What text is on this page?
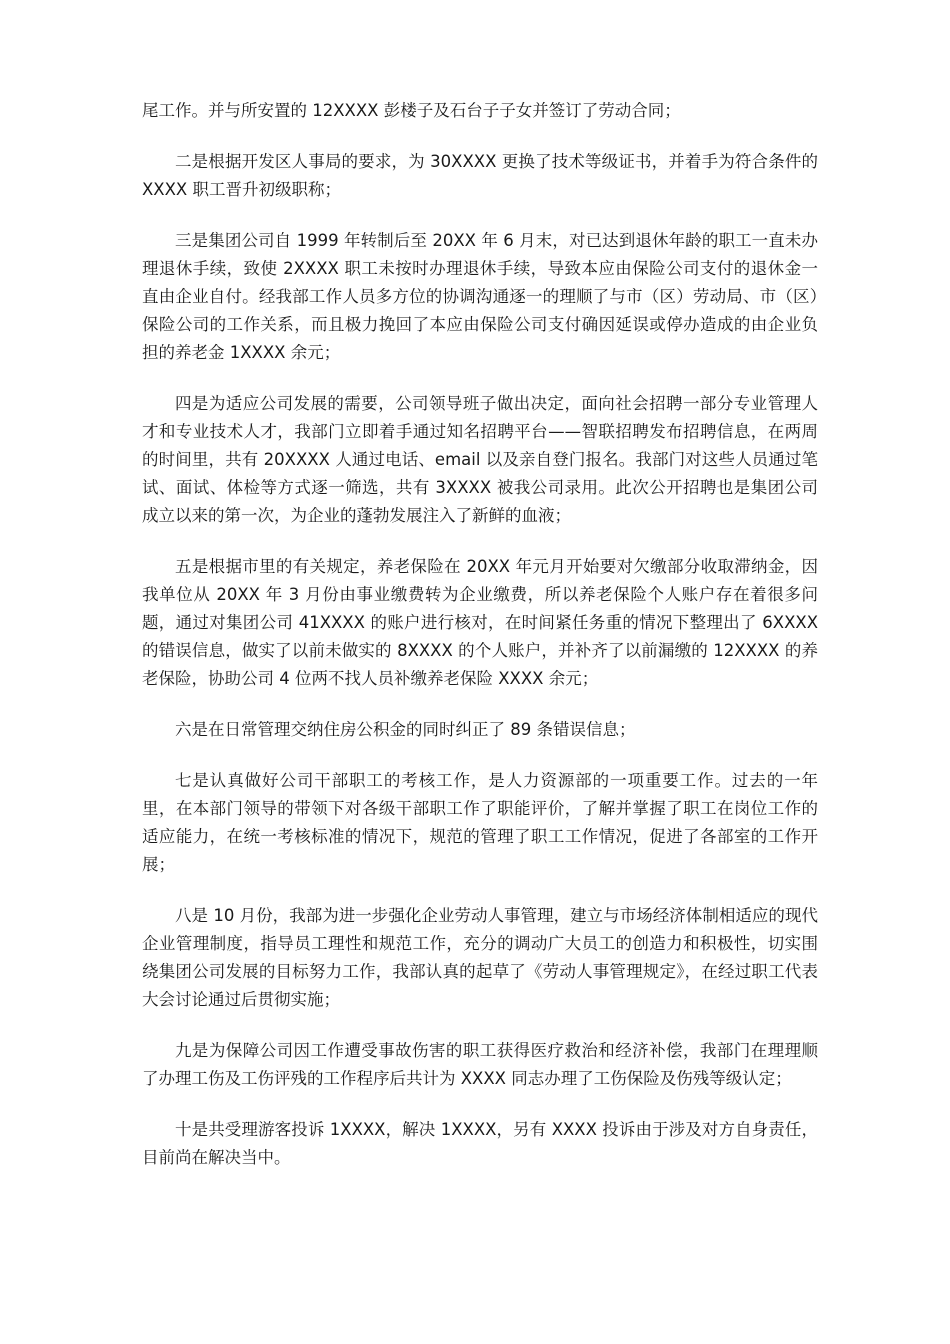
尾工作。并与所安置的 12XXXX 彭楼子及石台子子女并签订了劳动合同；

二是根据开发区人事局的要求，为 30XXXX 更换了技术等级证书，并着手为符合条件的 XXXX 职工晋升初级职称；

三是集团公司自 1999 年转制后至 20XX 年 6 月末，对已达到退休年龄的职工一直未办理退休手续，致使 2XXXX 职工未按时办理退休手续，导致本应由保险公司支付的退休金一直由企业自付。经我部工作人员多方位的协调沟通逐一的理顺了与市（区）劳动局、市（区）保险公司的工作关系，而且极力挽回了本应由保险公司支付确因延误或停办造成的由企业负担的养老金 1XXXX 余元；

四是为适应公司发展的需要，公司领导班子做出决定，面向社会招聘一部分专业管理人才和专业技术人才，我部门立即着手通过知名招聘平台——智联招聘发布招聘信息，在两周的时间里，共有 20XXXX 人通过电话、email 以及亲自登门报名。我部门对这些人员通过笔试、面试、体检等方式逐一筛选，共有 3XXXX 被我公司录用。此次公开招聘也是集团公司成立以来的第一次，为企业的蓬勃发展注入了新鲜的血液；

五是根据市里的有关规定，养老保险在 20XX 年元月开始要对欠缴部分收取滞纳金，因我单位从 20XX 年 3 月份由事业缴费转为企业缴费，所以养老保险个人账户存在着很多问题，通过对集团公司 41XXXX 的账户进行核对，在时间紧任务重的情况下整理出了 6XXXX 的错误信息，做实了以前未做实的 8XXXX 的个人账户，并补齐了以前漏缴的 12XXXX 的养老保险，协助公司 4 位两不找人员补缴养老保险 XXXX 余元；

六是在日常管理交纳住房公积金的同时纠正了 89 条错误信息；

七是认真做好公司干部职工的考核工作，是人力资源部的一项重要工作。过去的一年里，在本部门领导的带领下对各级干部职工作了职能评价，了解并掌握了职工在岗位工作的适应能力，在统一考核标准的情况下，规范的管理了职工工作情况，促进了各部室的工作开展；

八是 10 月份，我部为进一步强化企业劳动人事管理，建立与市场经济体制相适应的现代企业管理制度，指导员工理性和规范工作，充分的调动广大员工的创造力和积极性，切实围绕集团公司发展的目标努力工作，我部认真的起草了《劳动人事管理规定》，在经过职工代表大会讨论通过后贯彻实施；

九是为保障公司因工作遭受事故伤害的职工获得医疗救治和经济补偿，我部门在理理顺了办理工伤及工伤评残的工作程序后共计为 XXXX 同志办理了工伤保险及伤残等级认定；

十是共受理游客投诉 1XXXX，解决 1XXXX，另有 XXXX 投诉由于涉及对方自身责任，目前尚在解决当中。
